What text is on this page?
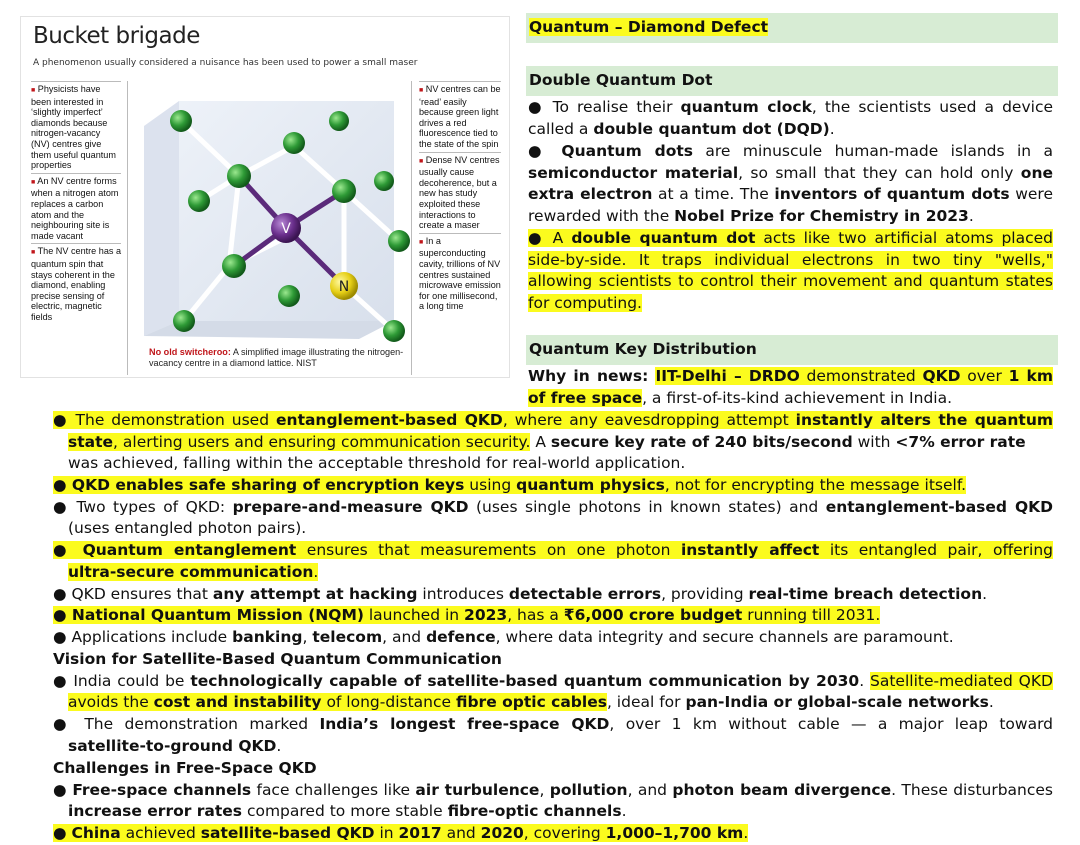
Bucket brigade
A phenomenon usually considered a nuisance has been used to power a small maser
■ Physicists have been interested in ‘slightly imperfect’ diamonds because nitrogen-vacancy (NV) centres give them useful quantum properties
■ An NV centre forms when a nitrogen atom replaces a carbon atom and the neighbouring site is made vacant
■ The NV centre has a quantum spin that stays coherent in the diamond, enabling precise sensing of electric, magnetic fields
■ NV centres can be ‘read’ easily because green light drives a red fluorescence tied to the state of the spin
■ Dense NV centres usually cause decoherence, but a new has study exploited these interactions to create a maser
■ In a superconducting cavity, trillions of NV centres sustained microwave emission for one millisecond, a long time
V
N
No old switcheroo: A simplified image illustrating the nitrogen-vacancy centre in a diamond lattice. NIST
Quantum – Diamond Defect
Double Quantum Dot
● To realise their quantum clock, the scientists used a device called a double quantum dot (DQD).
● Quantum dots are minuscule human-made islands in a semiconductor material, so small that they can hold only one extra electron at a time. The inventors of quantum dots were rewarded with the Nobel Prize for Chemistry in 2023.
● A double quantum dot acts like two artificial atoms placed side-by-side. It traps individual electrons in two tiny "wells," allowing scientists to control their movement and quantum states for computing.
Quantum Key Distribution
Why in news: IIT-Delhi – DRDO demonstrated QKD over 1 km of free space, a first-of-its-kind achievement in India.
● The demonstration used entanglement-based QKD, where any eavesdropping attempt instantly alters the quantum
state, alerting users and ensuring communication security. A secure key rate of 240 bits/second with <7% error rate
was achieved, falling within the acceptable threshold for real-world application.
● QKD enables safe sharing of encryption keys using quantum physics, not for encrypting the message itself.
● Two types of QKD: prepare-and-measure QKD (uses single photons in known states) and entanglement-based QKD
(uses entangled photon pairs).
● Quantum entanglement ensures that measurements on one photon instantly affect its entangled pair, offering
ultra-secure communication.
● QKD ensures that any attempt at hacking introduces detectable errors, providing real-time breach detection.
● National Quantum Mission (NQM) launched in 2023, has a ₹6,000 crore budget running till 2031.
● Applications include banking, telecom, and defence, where data integrity and secure channels are paramount.
Vision for Satellite-Based Quantum Communication
● India could be technologically capable of satellite-based quantum communication by 2030. Satellite-mediated QKD
avoids the cost and instability of long-distance fibre optic cables, ideal for pan-India or global-scale networks.
● The demonstration marked India’s longest free-space QKD, over 1 km without cable — a major leap toward
satellite-to-ground QKD.
Challenges in Free-Space QKD
● Free-space channels face challenges like air turbulence, pollution, and photon beam divergence. These disturbances
increase error rates compared to more stable fibre-optic channels.
● China achieved satellite-based QKD in 2017 and 2020, covering 1,000–1,700 km.
